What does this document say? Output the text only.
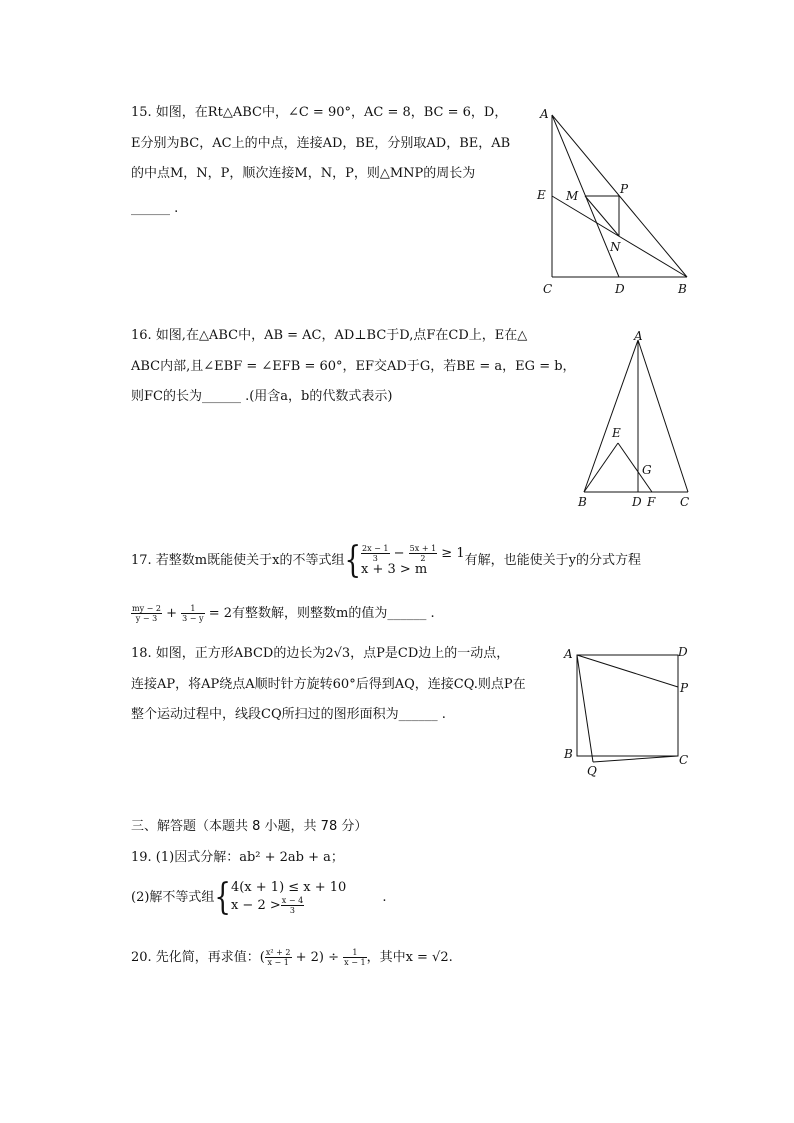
15. 如图，在Rt△ABC中，∠C = 90°，AC = 8，BC = 6，D，
E分别为BC，AC上的中点，连接AD，BE，分别取AD，BE，AB
的中点M，N，P，顺次连接M，N，P，则△MNP的周长为
______ .
A
E M	P
N
C	D	B
16. 如图,在△ABC中，AB = AC，AD⊥BC于D,点F在CD上，E在△
ABC内部,且∠EBF = ∠EFB = 60°，EF交AD于G，若BE = a，EG = b，
则FC的长为______ .(用含a，b的代数式表示)
A
E
G
B	D F C
17. 若整数m既能使关于x的不等式组{ $\frac{2x - 1}{3} - \frac{5x + 1}{2} \ge 1$
x + 3 > m
有解，也能使关于y的分式方程
$\frac{my - 2}{y - 3} + \frac{1}{3 - y} = 2$有整数解，则整数m的值为______ .
18. 如图，正方形ABCD的边长为2√3，点P是CD边上的一动点，
连接AP，将AP绕点A顺时针方旋转60°后得到AQ，连接CQ.则点P在
整个运动过程中，线段CQ所扫过的图形面积为______ .
A	D
P
B	C
Q
三、解答题（本题共 8 小题，共 78 分）
19. (1)因式分解：ab² + 2ab + a；
(2)解不等式组{ 4(x + 1) ≤ x + 10
$x - 2 > \frac{x - 4}{3}$	.
20. 先化简，再求值：( $\frac{\text{x² + 2}}{x - 1} + 2) \div \frac{1}{x - 1}$ ，其中x = √2.
